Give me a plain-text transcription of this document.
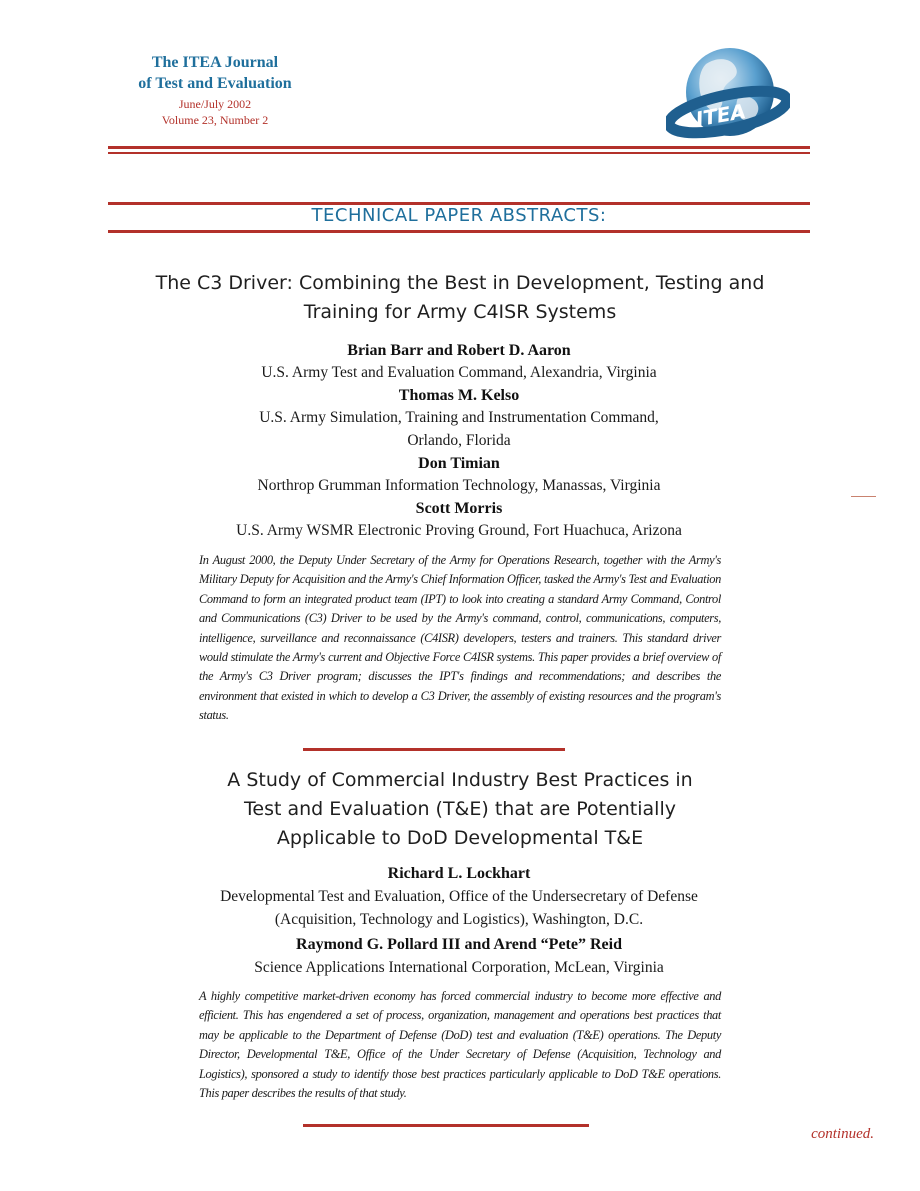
The ITEA Journal
of Test and Evaluation
June/July 2002
Volume 23, Number 2	ITEA
TECHNICAL PAPER ABSTRACTS:
The C3 Driver: Combining the Best in Development, Testing and
Training for Army C4ISR Systems
Brian Barr and Robert D. Aaron
U.S. Army Test and Evaluation Command, Alexandria, Virginia
Thomas M. Kelso
U.S. Army Simulation, Training and Instrumentation Command,
Orlando, Florida
Don Timian
Northrop Grumman Information Technology, Manassas, Virginia
Scott Morris
U.S. Army WSMR Electronic Proving Ground, Fort Huachuca, Arizona
In August 2000, the Deputy Under Secretary of the Army for Operations Research, together with the Army's Military Deputy for Acquisition and the Army's Chief Information Officer, tasked the Army's Test and Evaluation Command to form an integrated product team (IPT) to look into creating a standard Army Command, Control and Communications (C3) Driver to be used by the Army's command, control, communications, computers, intelligence, surveillance and reconnaissance (C4ISR) developers, testers and trainers. This standard driver would stimulate the Army's current and Objective Force C4ISR systems. This paper provides a brief overview of the Army's C3 Driver program; discusses the IPT's findings and recommendations; and describes the environment that existed in which to develop a C3 Driver, the assembly of existing resources and the program's status.
A Study of Commercial Industry Best Practices in
Test and Evaluation (T&E) that are Potentially
Applicable to DoD Developmental T&E
Richard L. Lockhart
Developmental Test and Evaluation, Office of the Undersecretary of Defense
(Acquisition, Technology and Logistics), Washington, D.C.
Raymond G. Pollard III and Arend “Pete” Reid
Science Applications International Corporation, McLean, Virginia
A highly competitive market-driven economy has forced commercial industry to become more effective and efficient. This has engendered a set of process, organization, management and operations best practices that may be applicable to the Department of Defense (DoD) test and evaluation (T&E) operations. The Deputy Director, Developmental T&E, Office of the Under Secretary of Defense (Acquisition, Technology and Logistics), sponsored a study to identify those best practices particularly applicable to DoD T&E operations. This paper describes the results of that study.
continued.
